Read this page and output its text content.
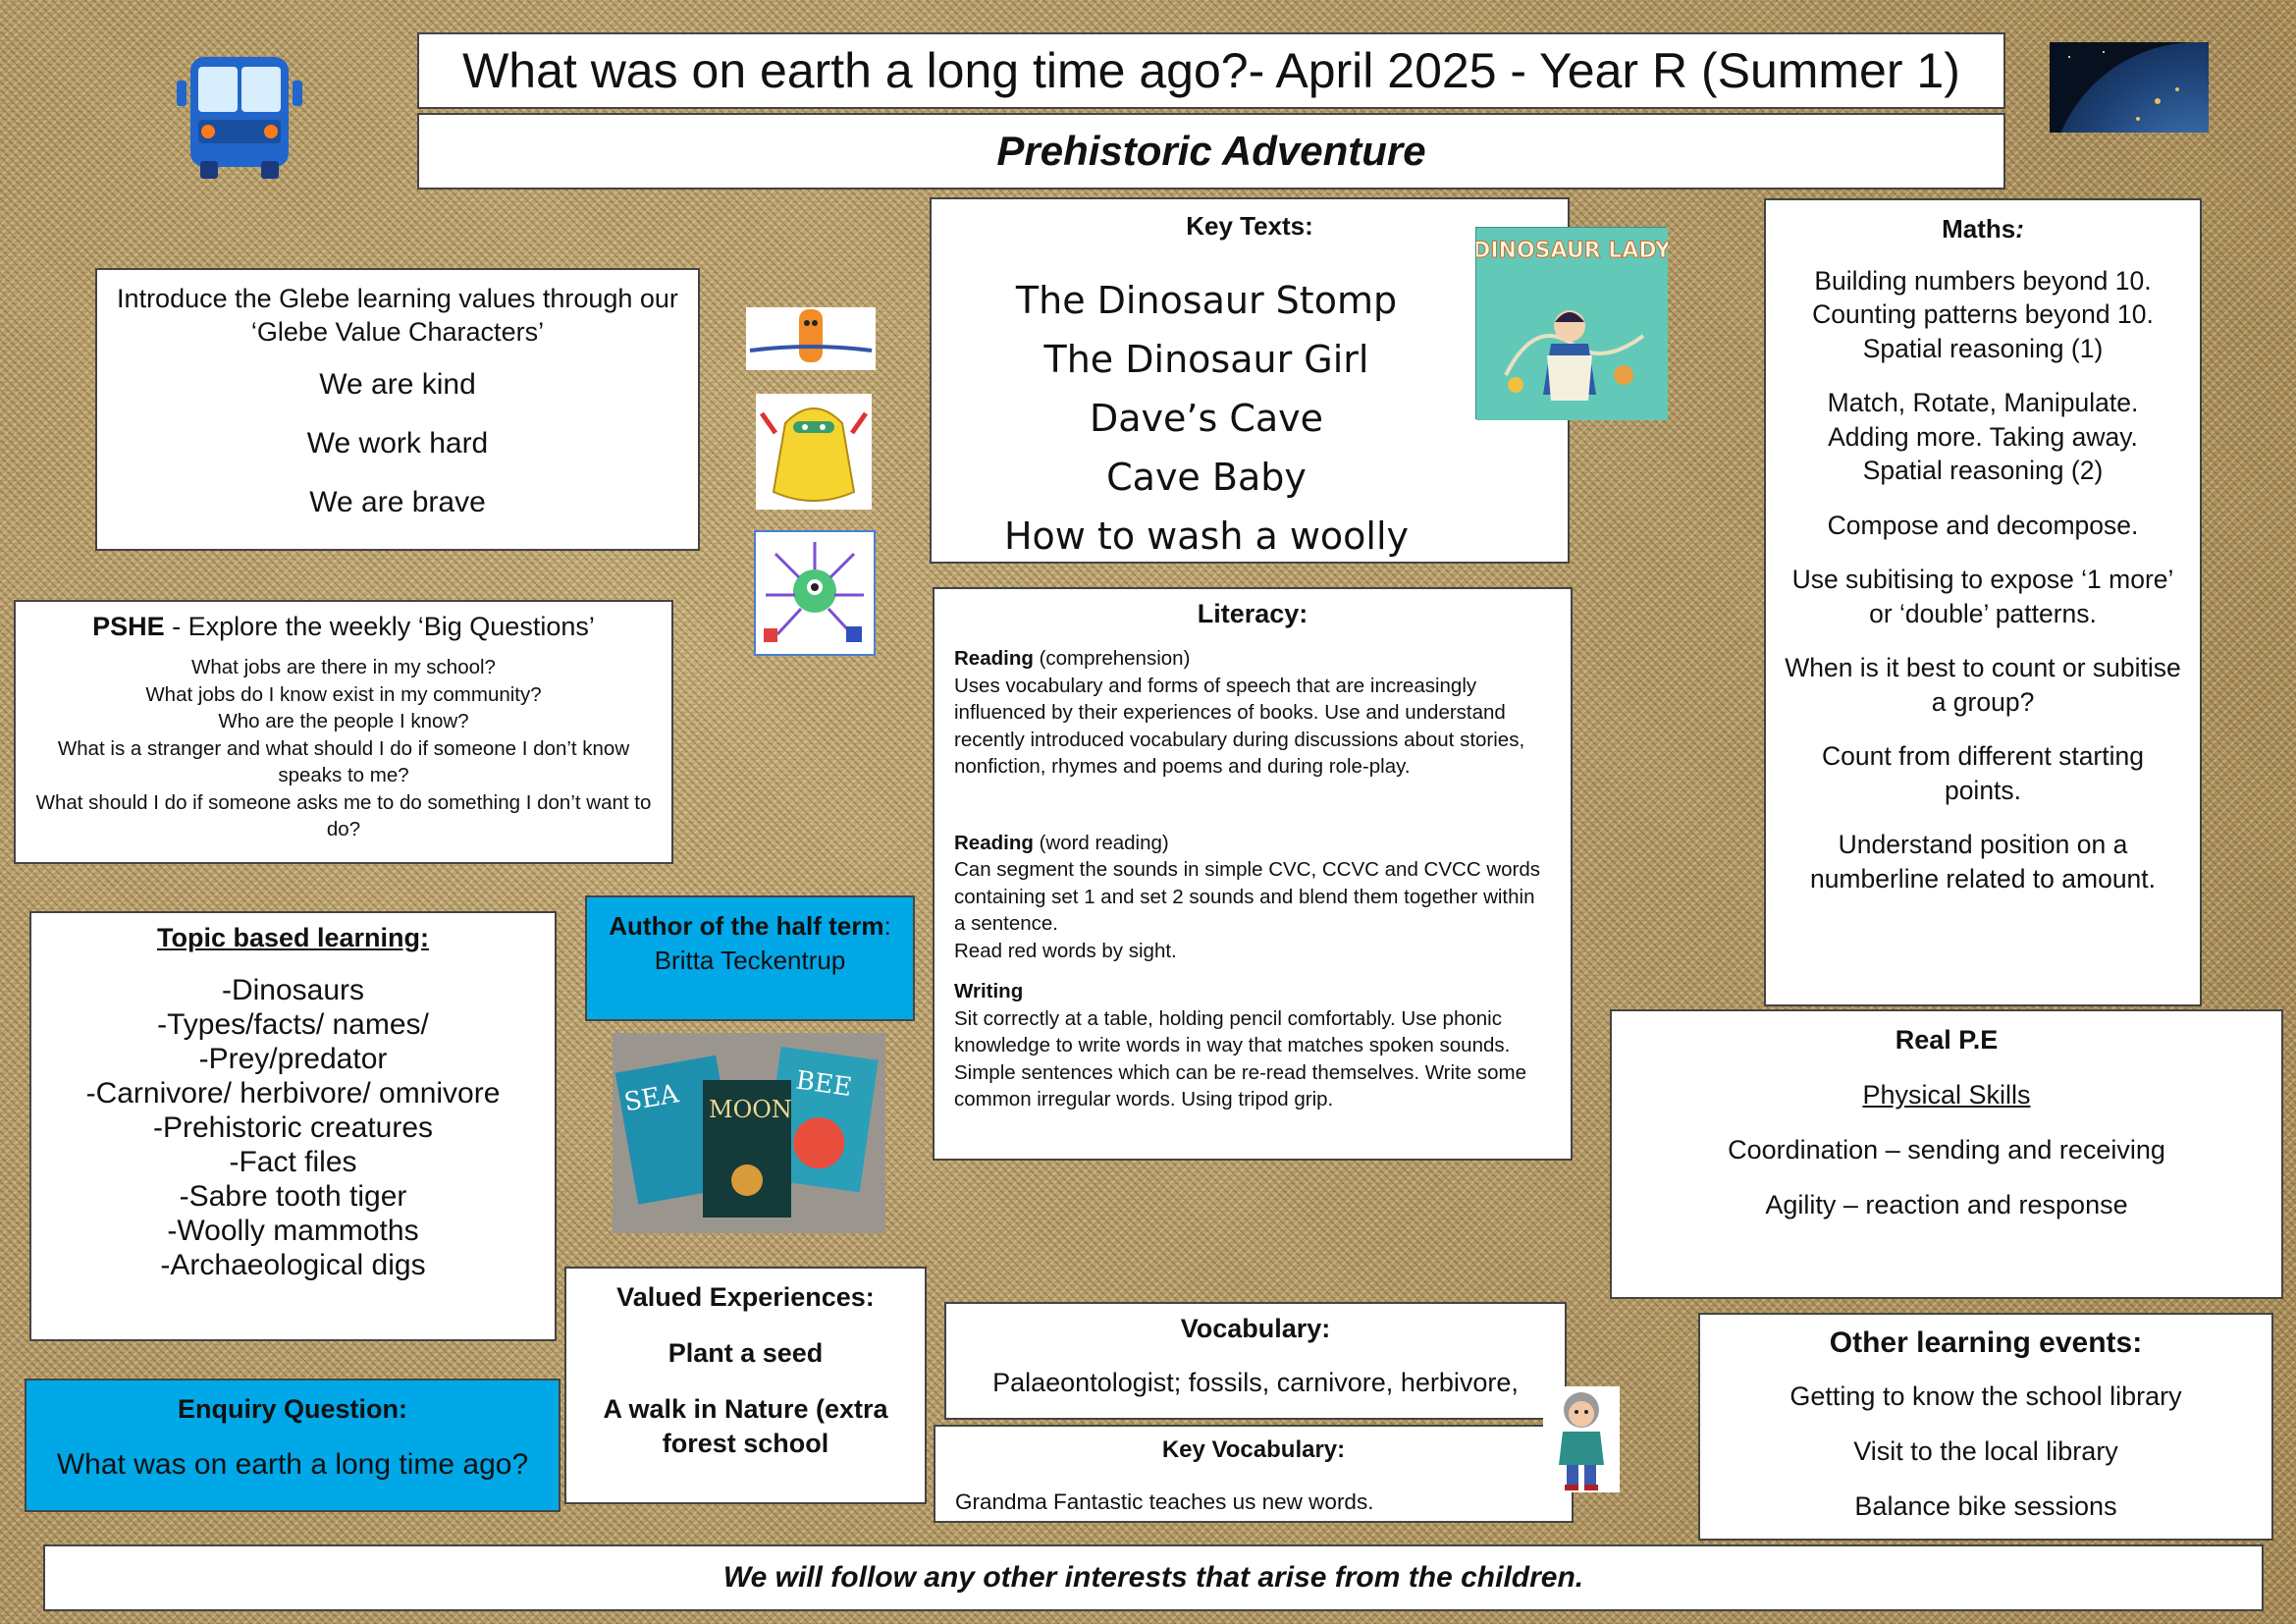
What was on earth a long time ago?- April 2025 - Year R (Summer 1)
Prehistoric Adventure

Introduce the Glebe learning values through our ‘Glebe Value Characters’

We are kind

We work hard

We are brave

PSHE - Explore the weekly ‘Big Questions’

What jobs are there in my school?

What jobs do I know exist in my community?

Who are the people I know?

What is a stranger and what should I do if someone I don’t know speaks to me?

What should I do if someone asks me to do something I don’t want to do?

Topic based learning:

-Dinosaurs

-Types/facts/ names/

-Prey/predator

-Carnivore/ herbivore/ omnivore

-Prehistoric creatures

-Fact files

-Sabre tooth tiger

-Woolly mammoths

-Archaeological digs

Enquiry Question:

What was on earth a long time ago?

Author of the half term: Britta Teckentrup
SEA MOON
BEE

Valued Experiences:

Plant a seed

A walk in Nature (extra forest school

Key Texts:

The Dinosaur Stomp

The Dinosaur Girl

Dave’s Cave

Cave Baby

How to wash a woolly

DINOSAUR LADY

Literacy:

Reading (comprehension)

Uses vocabulary and forms of speech that are increasingly influenced by their experiences of books. Use and understand recently introduced vocabulary during discussions about stories, nonfiction, rhymes and poems and during role-play.

Reading (word reading)

Can segment the sounds in simple CVC, CCVC and CVCC words containing set 1 and set 2 sounds and blend them together within a sentence.
Read red words by sight.

Writing

Sit correctly at a table, holding pencil comfortably. Use phonic knowledge to write words in way that matches spoken sounds. Simple sentences which can be re-read themselves. Write some common irregular words. Using tripod grip.

Vocabulary:

Palaeontologist; fossils, carnivore, herbivore,

Key Vocabulary:

Grandma Fantastic teaches us new words.

Maths:

Building numbers beyond 10.
Counting patterns beyond 10.
Spatial reasoning (1)

Match, Rotate, Manipulate.
Adding more. Taking away.
Spatial reasoning (2)

Compose and decompose.

Use subitising to expose ‘1 more’ or ‘double’ patterns.

When is it best to count or subitise a group?

Count from different starting points.

Understand position on a numberline related to amount.

Real P.E

Physical Skills

Coordination – sending and receiving

Agility – reaction and response

Other learning events:

Getting to know the school library

Visit to the local library

Balance bike sessions

We will follow any other interests that arise from the children.
